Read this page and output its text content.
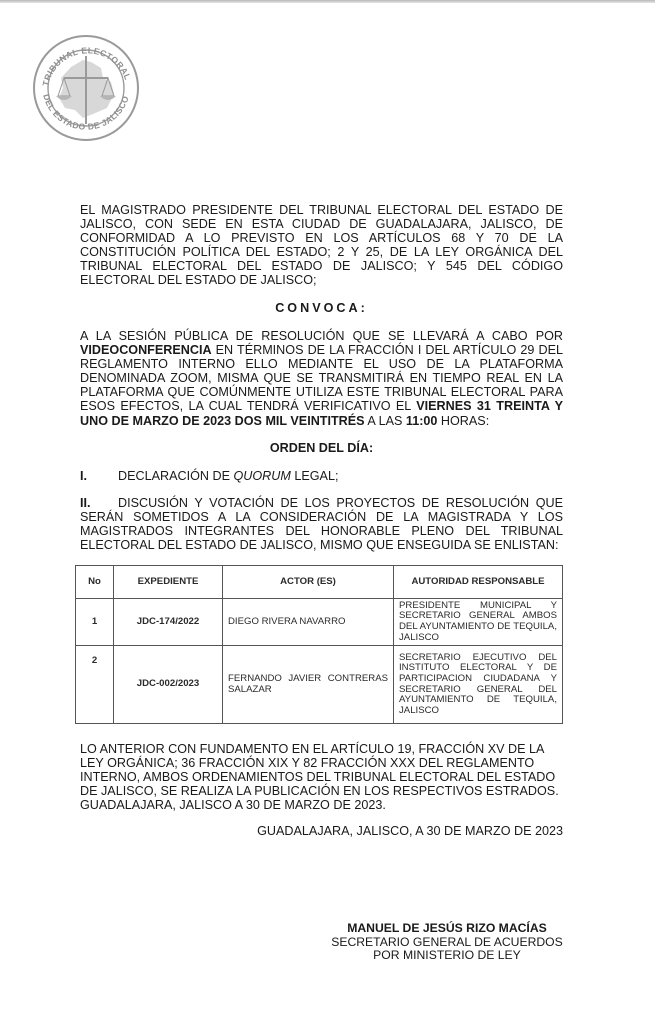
TRIBUNAL ELECTORAL
DEL ESTADO DE JALISCO
EL MAGISTRADO PRESIDENTE DEL TRIBUNAL ELECTORAL DEL ESTADO DE JALISCO, CON SEDE EN ESTA CIUDAD DE GUADALAJARA, JALISCO, DE CONFORMIDAD A LO PREVISTO EN LOS ARTÍCULOS 68 Y 70 DE LA CONSTITUCIÓN POLÍTICA DEL ESTADO; 2 Y 25, DE LA LEY ORGÁNICA DEL TRIBUNAL ELECTORAL DEL ESTADO DE JALISCO; Y 545 DEL CÓDIGO ELECTORAL DEL ESTADO DE JALISCO;
CONVOCA:
A LA SESIÓN PÚBLICA DE RESOLUCIÓN QUE SE LLEVARÁ A CABO POR VIDEOCONFERENCIA EN TÉRMINOS DE LA FRACCIÓN I DEL ARTÍCULO 29 DEL REGLAMENTO INTERNO ELLO MEDIANTE EL USO DE LA PLATAFORMA DENOMINADA ZOOM, MISMA QUE SE TRANSMITIRÁ EN TIEMPO REAL EN LA PLATAFORMA QUE COMÚNMENTE UTILIZA ESTE TRIBUNAL ELECTORAL PARA ESOS EFECTOS, LA CUAL TENDRÁ VERIFICATIVO EL VIERNES 31 TREINTA Y UNO DE MARZO DE 2023 DOS MIL VEINTITRÉS A LAS 11:00 HORAS:
ORDEN DEL DÍA:
I. DECLARACIÓN DE QUORUM LEGAL;
II. DISCUSIÓN Y VOTACIÓN DE LOS PROYECTOS DE RESOLUCIÓN QUE SERÁN SOMETIDOS A LA CONSIDERACIÓN DE LA MAGISTRADA Y LOS MAGISTRADOS INTEGRANTES DEL HONORABLE PLENO DEL TRIBUNAL ELECTORAL DEL ESTADO DE JALISCO, MISMO QUE ENSEGUIDA SE ENLISTAN:
No	EXPEDIENTE	ACTOR (ES)	AUTORIDAD RESPONSABLE
1	JDC-174/2022	DIEGO RIVERA NAVARRO	PRESIDENTE MUNICIPAL Y SECRETARIO GENERAL AMBOS DEL AYUNTAMIENTO DE TEQUILA, JALISCO
2	JDC-002/2023	FERNANDO JAVIER CONTRERAS SALAZAR	SECRETARIO EJECUTIVO DEL INSTITUTO ELECTORAL Y DE PARTICIPACION CIUDADANA Y SECRETARIO GENERAL DEL AYUNTAMIENTO DE TEQUILA, JALISCO
LO ANTERIOR CON FUNDAMENTO EN EL ARTÍCULO 19, FRACCIÓN XV DE LA LEY ORGÁNICA; 36 FRACCIÓN XIX Y 82 FRACCIÓN XXX DEL REGLAMENTO INTERNO, AMBOS ORDENAMIENTOS DEL TRIBUNAL ELECTORAL DEL ESTADO DE JALISCO, SE REALIZA LA PUBLICACIÓN EN LOS RESPECTIVOS ESTRADOS. GUADALAJARA, JALISCO A 30 DE MARZO DE 2023.
GUADALAJARA, JALISCO, A 30 DE MARZO DE 2023
MANUEL DE JESÚS RIZO MACÍAS
SECRETARIO GENERAL DE ACUERDOS
POR MINISTERIO DE LEY
